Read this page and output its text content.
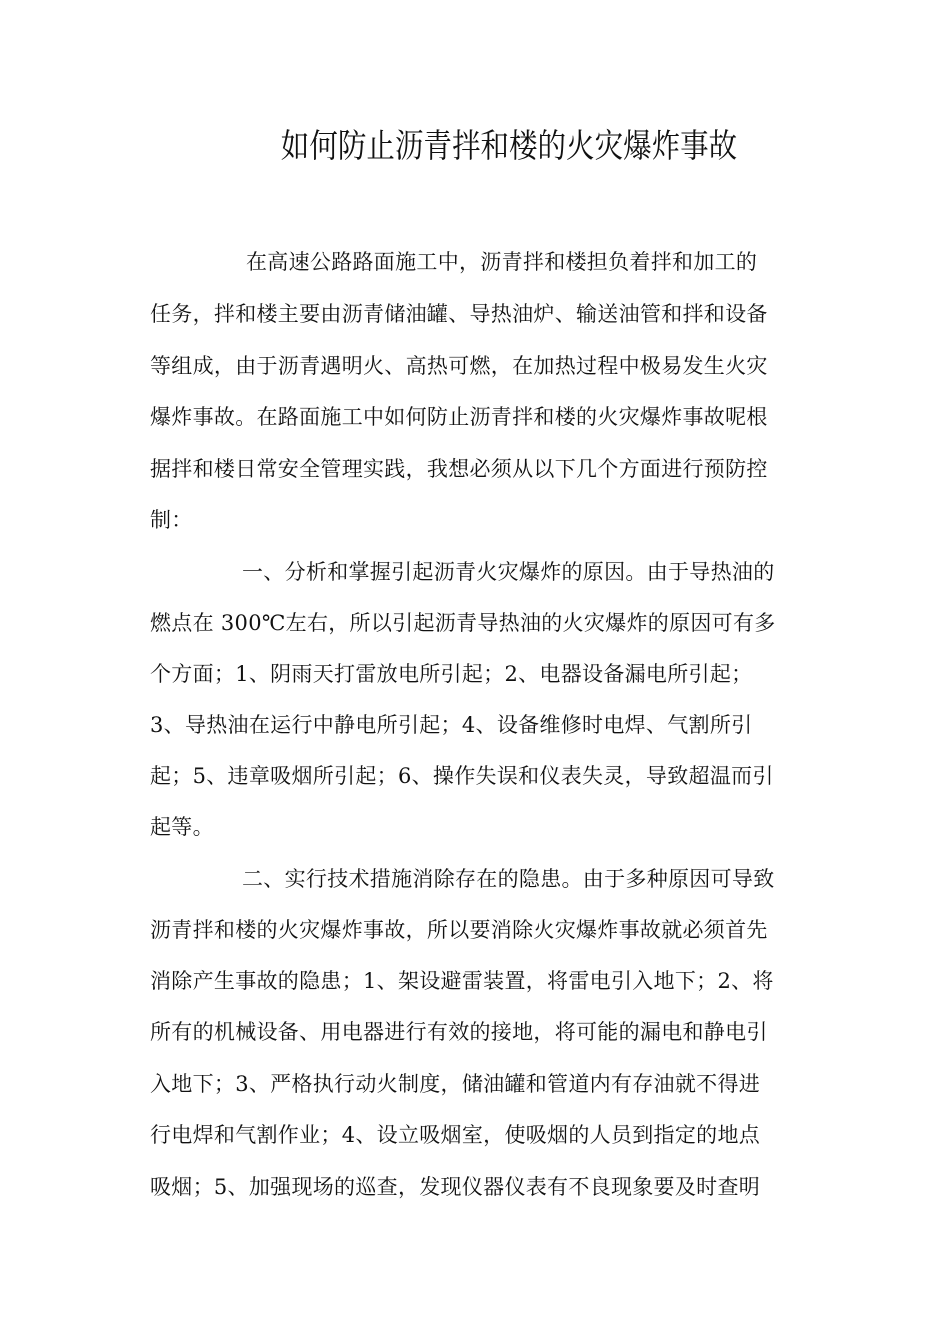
如何防止沥青拌和楼的火灾爆炸事故
在高速公路路面施工中，沥青拌和楼担负着拌和加工的
任务，拌和楼主要由沥青储油罐、导热油炉、输送油管和拌和设备
等组成，由于沥青遇明火、高热可燃，在加热过程中极易发生火灾
爆炸事故。在路面施工中如何防止沥青拌和楼的火灾爆炸事故呢根
据拌和楼日常安全管理实践，我想必须从以下几个方面进行预防控
制：
一、分析和掌握引起沥青火灾爆炸的原因。由于导热油的
燃点在 300℃左右，所以引起沥青导热油的火灾爆炸的原因可有多
个方面；1、阴雨天打雷放电所引起；2、电器设备漏电所引起；
3、导热油在运行中静电所引起；4、设备维修时电焊、气割所引
起；5、违章吸烟所引起；6、操作失误和仪表失灵，导致超温而引
起等。
二、实行技术措施消除存在的隐患。由于多种原因可导致
沥青拌和楼的火灾爆炸事故，所以要消除火灾爆炸事故就必须首先
消除产生事故的隐患；1、架设避雷装置，将雷电引入地下；2、将
所有的机械设备、用电器进行有效的接地，将可能的漏电和静电引
入地下；3、严格执行动火制度，储油罐和管道内有存油就不得进
行电焊和气割作业；4、设立吸烟室，使吸烟的人员到指定的地点
吸烟；5、加强现场的巡查，发现仪器仪表有不良现象要及时查明
